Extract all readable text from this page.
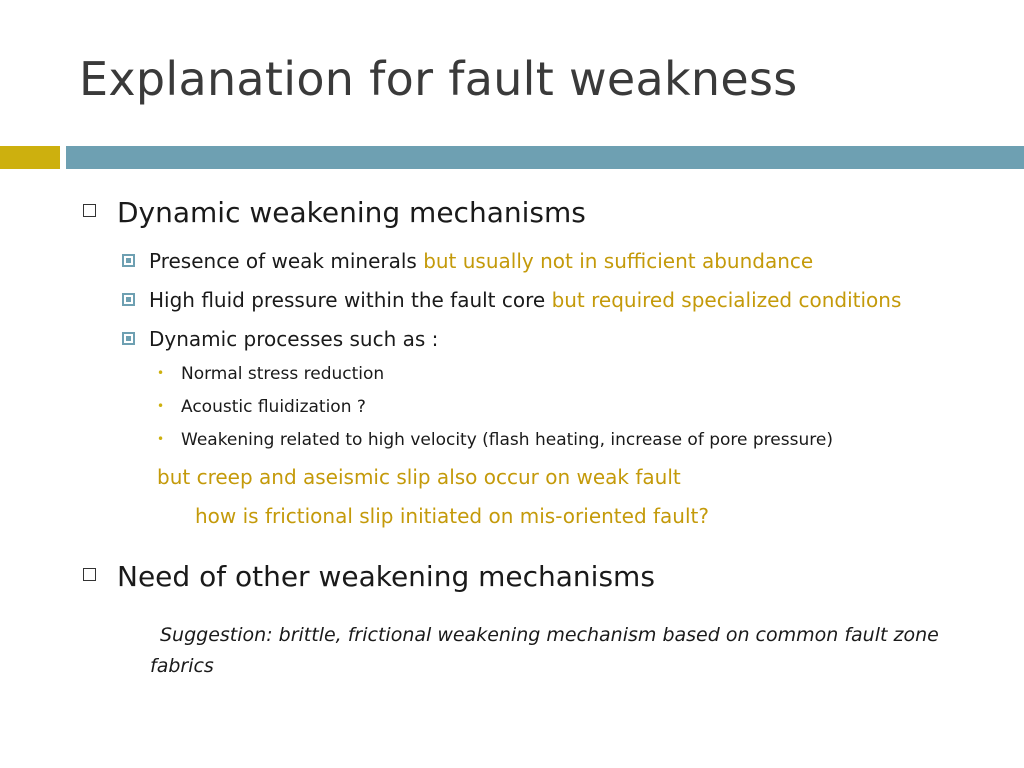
Explanation for fault weakness
Dynamic weakening mechanisms
Presence of weak minerals but usually not in sufficient abundance
High fluid pressure within the fault core but required specialized conditions
Dynamic processes such as :
• Normal stress reduction
• Acoustic fluidization ?
• Weakening related to high velocity (flash heating, increase of pore pressure)
but creep and aseismic slip also occur on weak fault
how is frictional slip initiated on mis-oriented fault?
Need of other weakening mechanisms
Suggestion: brittle, frictional weakening mechanism based on common fault zone fabrics
